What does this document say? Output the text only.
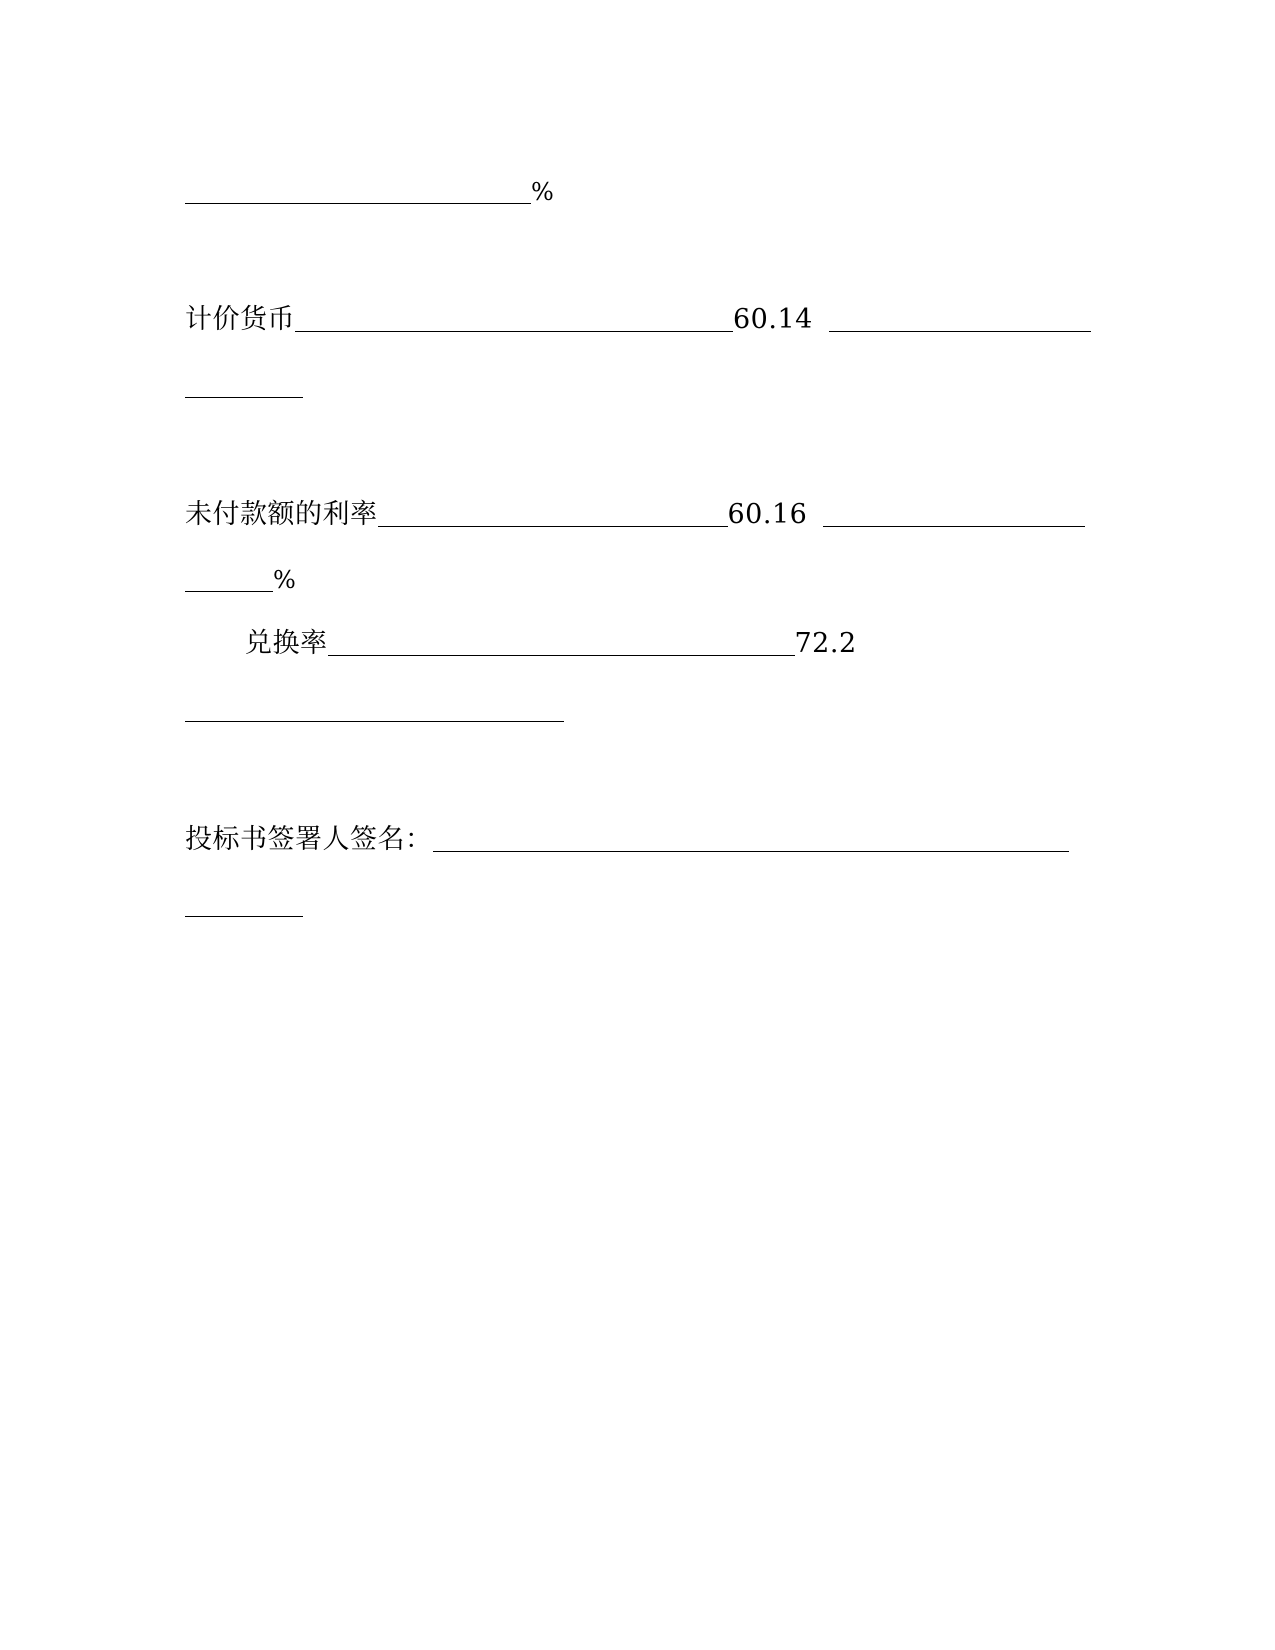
%
计价货币	60.14
未付款额的利率	60.16
%
兑换率	72.2
投标书签署人签名：
